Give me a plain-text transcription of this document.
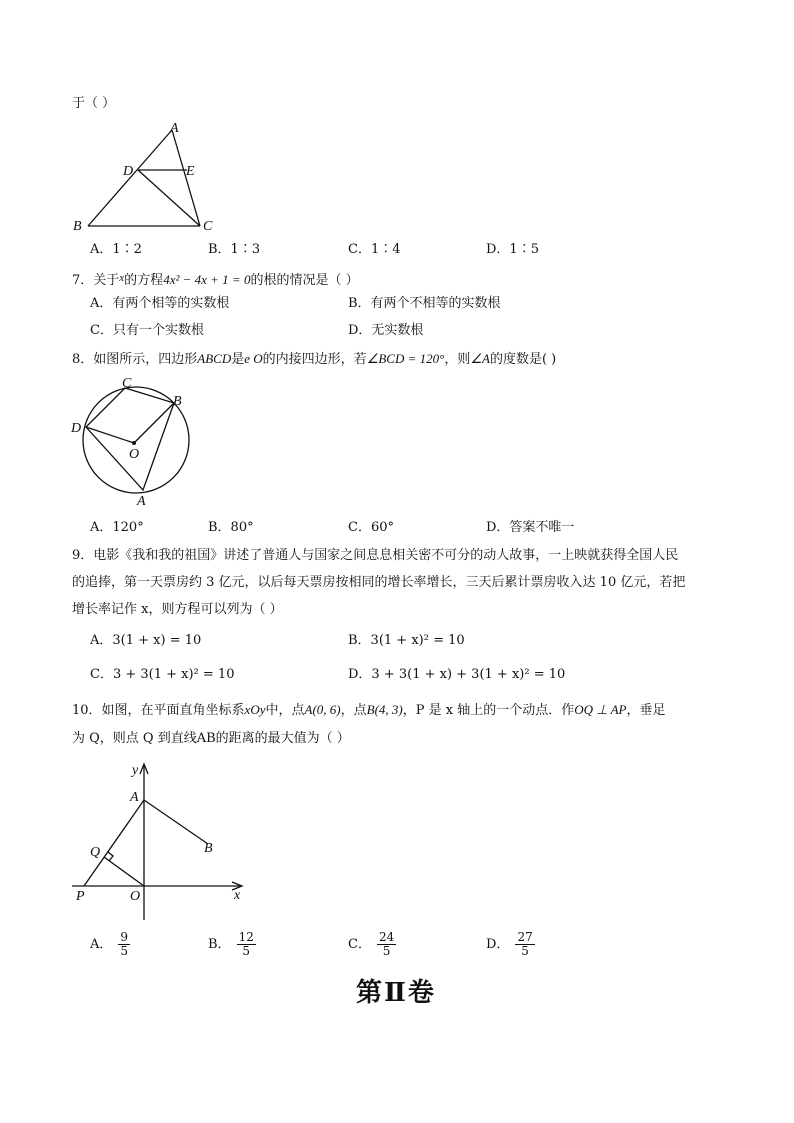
于（ ）
A
D	E
B	C
A．1∶2	B．1∶3	C．1∶4	D．1∶5
7．关于$^x$的方程4x² − 4x + 1 = 0的根的情况是（ ）
A．有两个相等的实数根	B．有两个不相等的实数根
C．只有一个实数根	D．无实数根
8．如图所示，四边形ABCD是e O的内接四边形，若∠BCD = 120°，则∠A的度数是( )
C
B
D
O
A
A．120°	B．80°	C．60°	D．答案不唯一
9．电影《我和我的祖国》讲述了普通人与国家之间息息相关密不可分的动人故事，一上映就获得全国人民
的追捧，第一天票房约 3 亿元，以后每天票房按相同的增长率增长，三天后累计票房收入达 10 亿元，若把
增长率记作 x，则方程可以列为（ ）
A．3(1 + x) = 10	B．3(1 + x)² = 10
C．3 + 3(1 + x)² = 10	D．3 + 3(1 + x) + 3(1 + x)² = 10
10．如图，在平面直角坐标系xOy中，点A(0, 6)，点B(4, 3)，P 是 x 轴上的一个动点．作OQ ⊥ AP，垂足
为 Q，则点 Q 到直线AB的距离的最大值为（ ）
y
x
A
B
Q
P	O
A． $\frac{9}{5}$	B． $\frac{12}{5}$	C． $\frac{24}{5}$	D． $\frac{27}{5}$
第Ⅱ卷
